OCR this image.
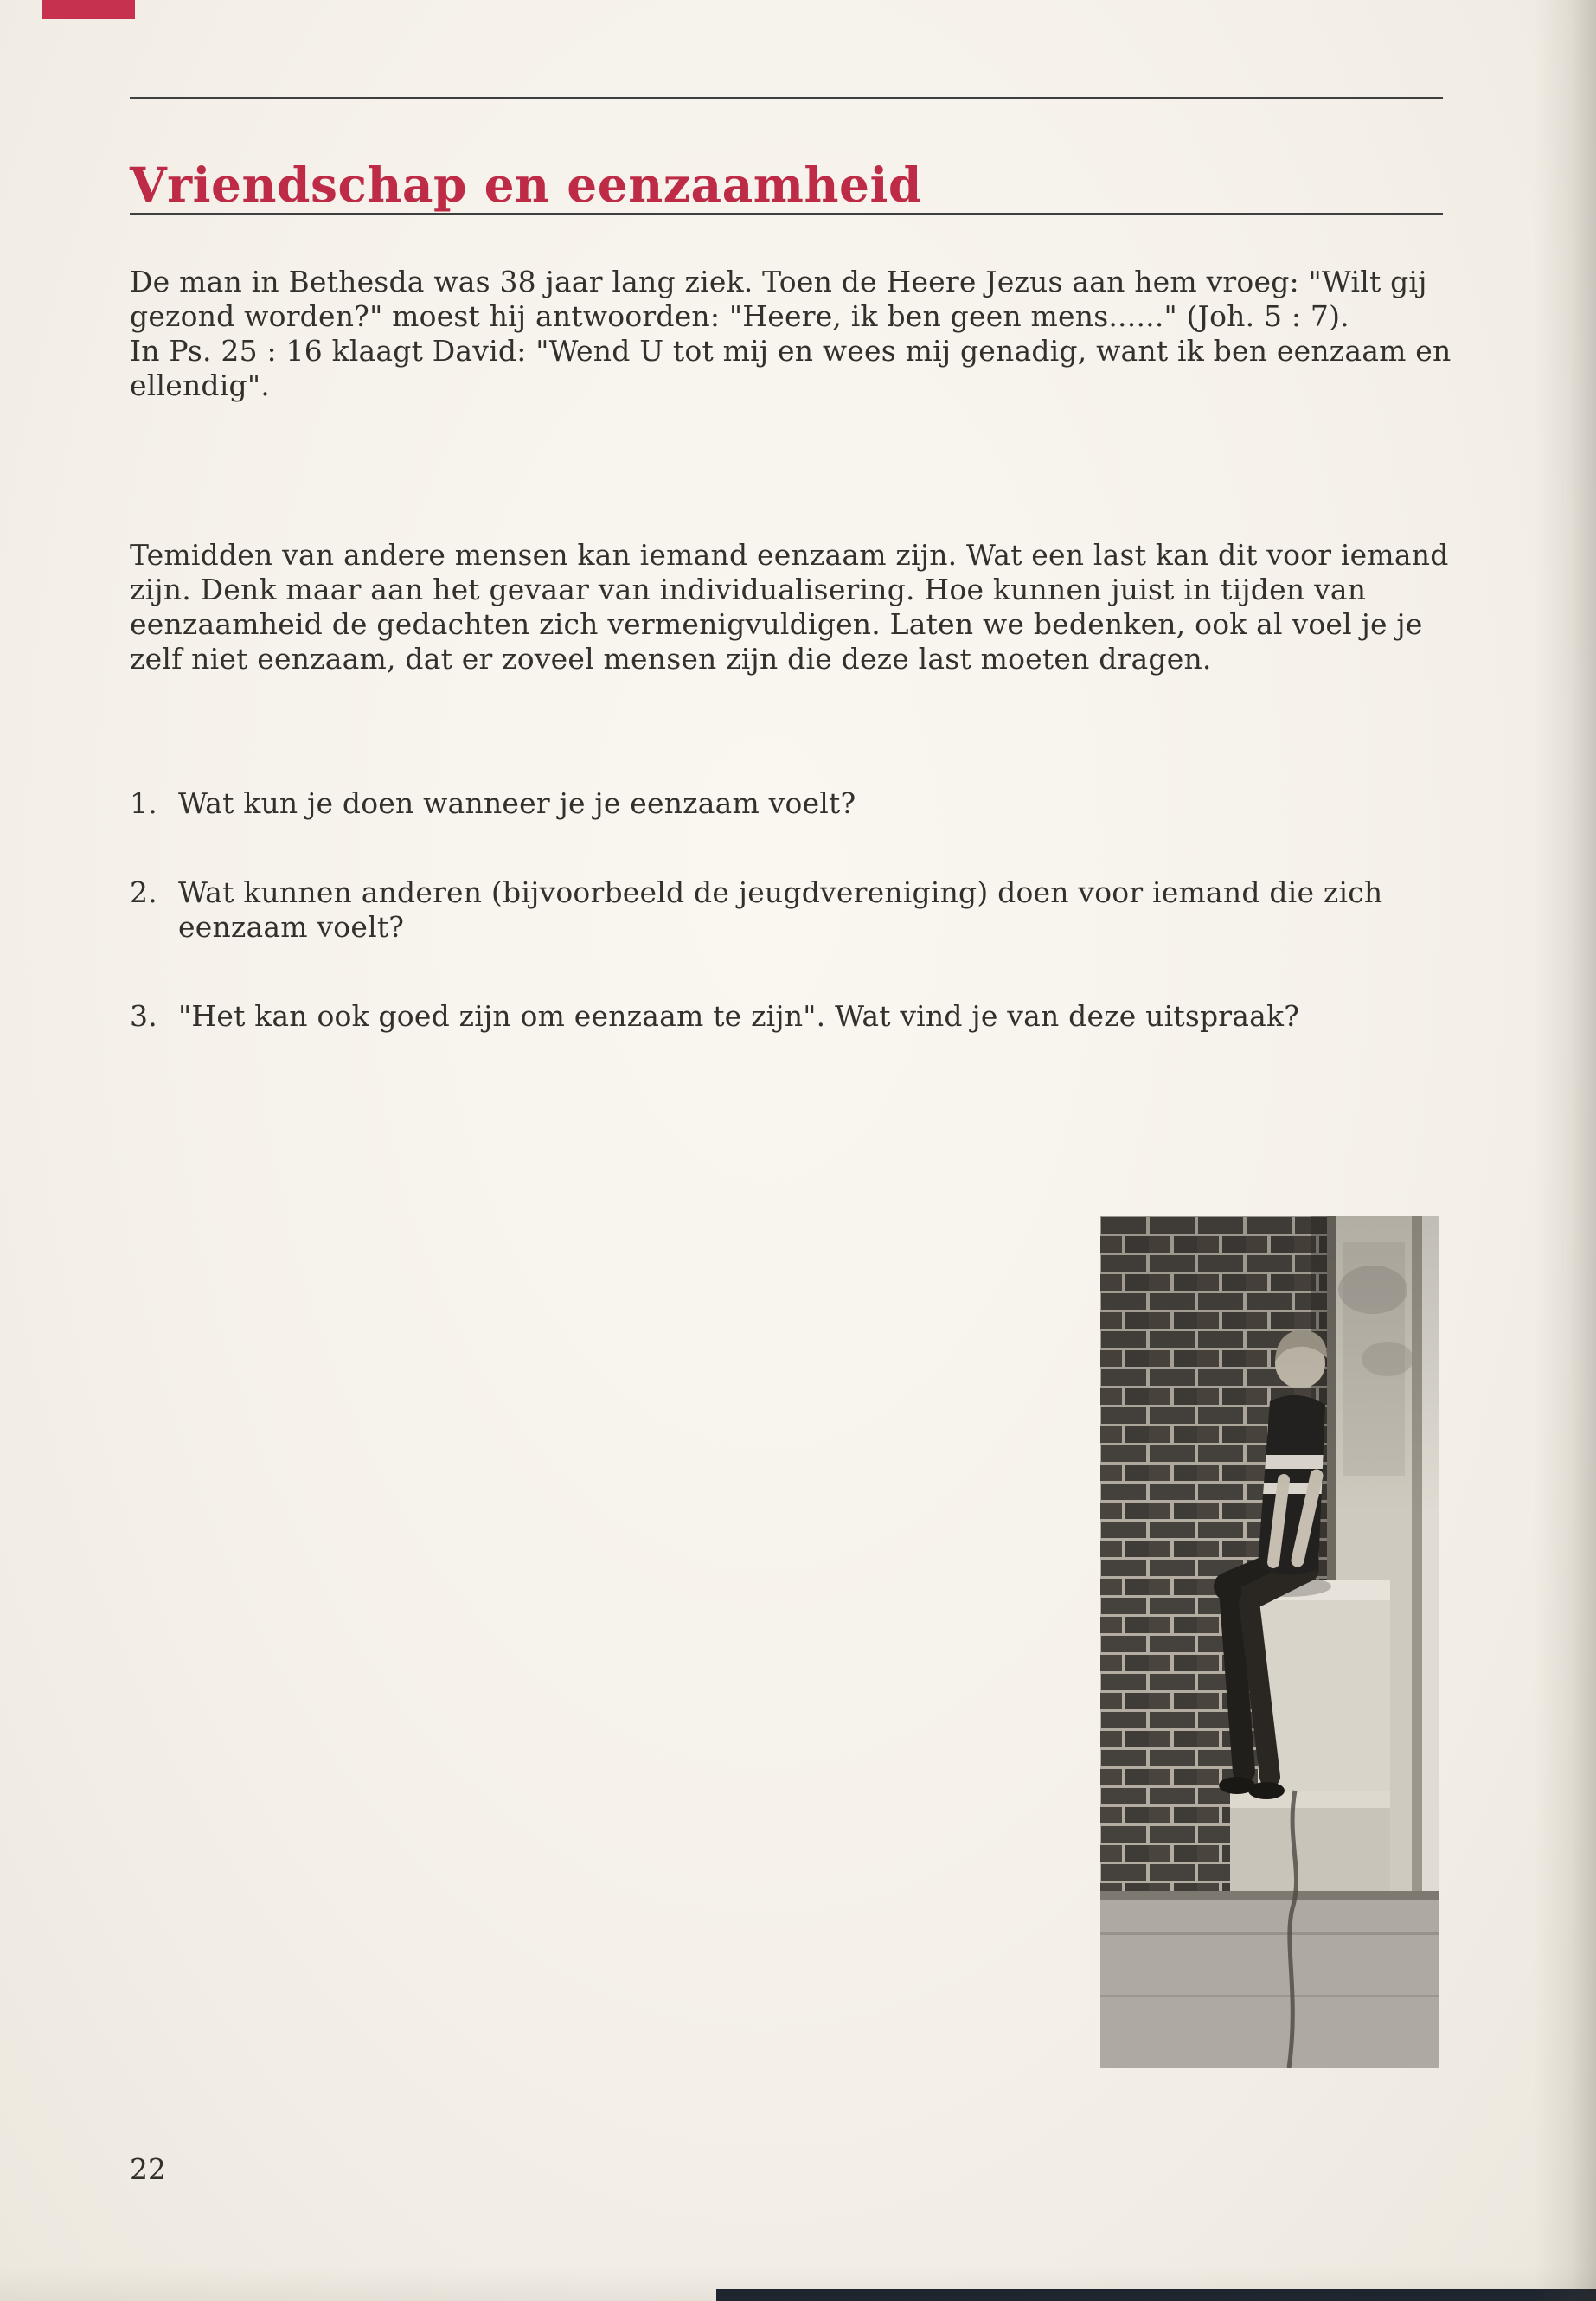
Vriendschap en eenzaamheid
De man in Bethesda was 38 jaar lang ziek. Toen de Heere Jezus aan hem vroeg: "Wilt gij gezond worden?" moest hij antwoorden: "Heere, ik ben geen mens......" (Joh. 5 : 7).
In Ps. 25 : 16 klaagt David: "Wend U tot mij en wees mij genadig, want ik ben eenzaam en ellendig".
Temidden van andere mensen kan iemand eenzaam zijn. Wat een last kan dit voor iemand zijn. Denk maar aan het gevaar van individualisering. Hoe kunnen juist in tijden van eenzaamheid de gedachten zich vermenigvuldigen. Laten we bedenken, ook al voel je je zelf niet eenzaam, dat er zoveel mensen zijn die deze last moeten dragen.
1. Wat kun je doen wanneer je je eenzaam voelt?
2. Wat kunnen anderen (bijvoorbeeld de jeugdvereniging) doen voor iemand die zich eenzaam voelt?
3. "Het kan ook goed zijn om eenzaam te zijn". Wat vind je van deze uitspraak?
22
